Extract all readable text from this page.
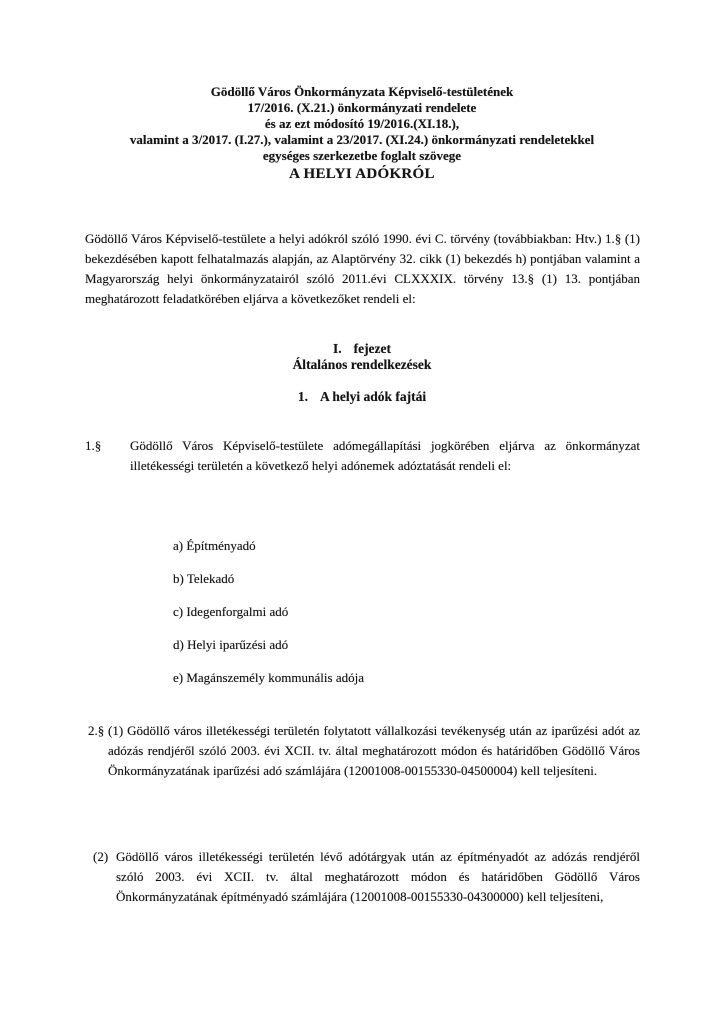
Gödöllő Város Önkormányzata Képviselő-testületének
17/2016. (X.21.) önkormányzati rendelete
és az ezt módosító 19/2016.(XI.18.),
valamint a 3/2017. (I.27.), valamint a 23/2017. (XI.24.) önkormányzati rendeletekkel
egységes szerkezetbe foglalt szövege
A HELYI ADÓKRÓL
Gödöllő Város Képviselő-testülete a helyi adókról szóló 1990. évi C. törvény (továbbiakban: Htv.) 1.§ (1) bekezdésében kapott felhatalmazás alapján, az Alaptörvény 32. cikk (1) bekezdés h) pontjában valamint a Magyarország helyi önkormányzatairól szóló 2011.évi CLXXXIX. törvény 13.§ (1) 13. pontjában meghatározott feladatkörében eljárva a következőket rendeli el:
I. fejezet
Általános rendelkezések
1. A helyi adók fajtái
1.§	Gödöllő Város Képviselő-testülete adómegállapítási jogkörében eljárva az önkormányzat illetékességi területén a következő helyi adónemek adóztatását rendeli el:
a) Építményadó
b) Telekadó
c) Idegenforgalmi adó
d) Helyi iparűzési adó
e) Magánszemély kommunális adója
2.§ (1) Gödöllő város illetékességi területén folytatott vállalkozási tevékenység után az iparűzési adót az adózás rendjéről szóló 2003. évi XCII. tv. által meghatározott módon és határidőben Gödöllő Város Önkormányzatának iparűzési adó számlájára (12001008-00155330-04500004) kell teljesíteni.
(2) Gödöllő város illetékességi területén lévő adótárgyak után az építményadót az adózás rendjéről szóló 2003. évi XCII. tv. által meghatározott módon és határidőben Gödöllő Város Önkormányzatának építményadó számlájára (12001008-00155330-04300000) kell teljesíteni,
